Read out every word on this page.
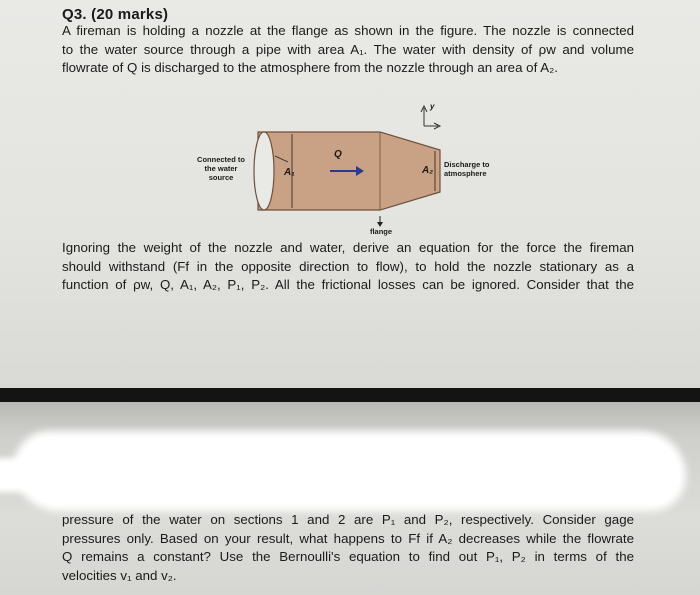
Q3. (20 marks)
A fireman is holding a nozzle at the flange as shown in the figure. The nozzle is connected
to the water source through a pipe with area A₁. The water with density of ρw and volume
flowrate of Q is discharged to the atmosphere from the nozzle through an area of A₂.
Connected to
the water
source	A₁
Q
A₂
y
Discharge to
atmosphere
flange
Ignoring the weight of the nozzle and water, derive an equation for the force the fireman
should withstand (Ff in the opposite direction to flow), to hold the nozzle stationary as a
function of ρw, Q, A₁, A₂, P₁, P₂. All the frictional losses can be ignored. Consider that the
pressure of the water on sections 1 and 2 are P₁ and P₂, respectively. Consider gage
pressures only. Based on your result, what happens to Ff if A₂ decreases while the flowrate
Q remains a constant? Use the Bernoulli's equation to find out P₁, P₂ in terms of the
velocities v₁ and v₂.
